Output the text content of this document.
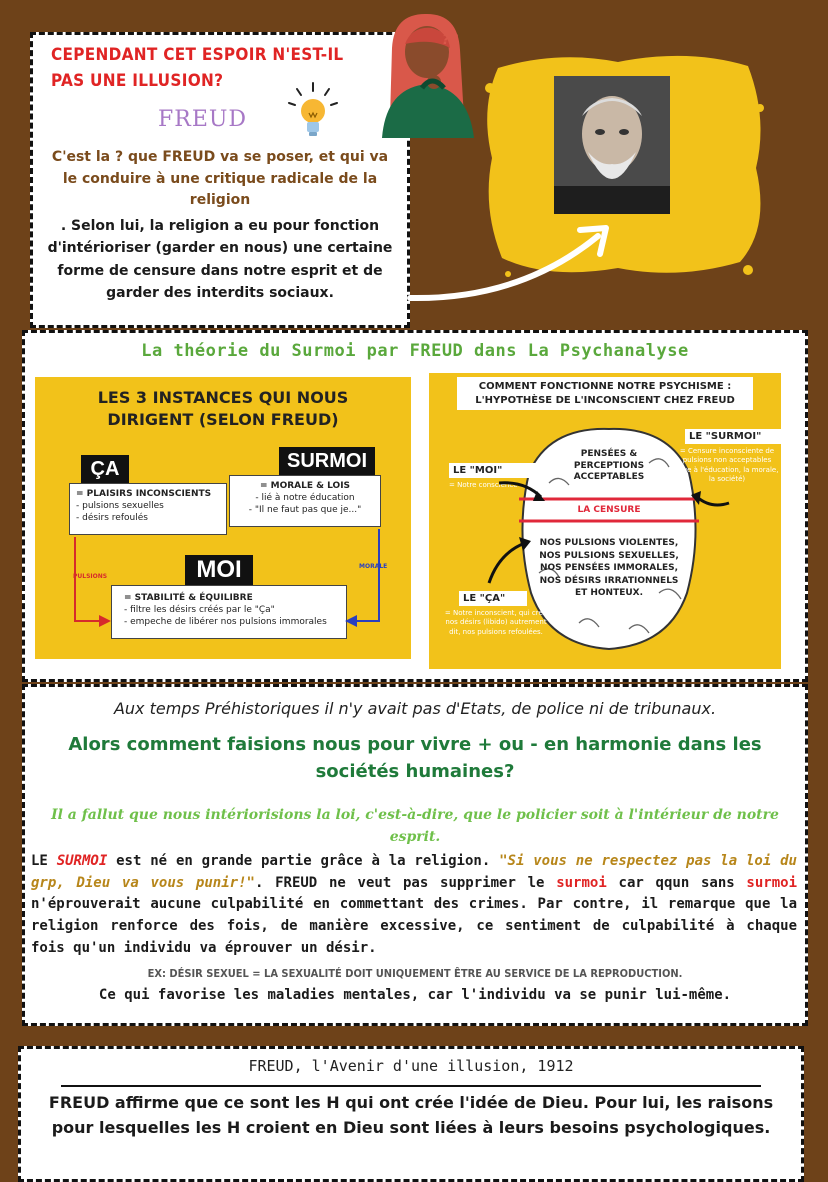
CEPENDANT CET ESPOIR N'EST-IL PAS UNE ILLUSION?
FREUD
C'est la ? que FREUD va se poser, et qui va le conduire à une critique radicale de la religion
. Selon lui, la religion a eu pour fonction d'intérioriser (garder en nous) une certaine forme de censure dans notre esprit et de garder des interdits sociaux.
??
La théorie du Surmoi par FREUD dans La Psychanalyse
LES 3 INSTANCES QUI NOUS DIRIGENT (SELON FREUD)
ÇA
= PLAISIRS INCONSCIENTS
- pulsions sexuelles
- désirs refoulés
SURMOI
= MORALE & LOIS
- lié à notre éducation
- "Il ne faut pas que je..."
MOI
= STABILITÉ & ÉQUILIBRE
- filtre les désirs créés par le "Ça"
- empeche de libérer nos pulsions immorales
PULSIONS
MORALE
COMMENT FONCTIONNE NOTRE PSYCHISME :
L'HYPOTHÈSE DE L'INCONSCIENT CHEZ FREUD
PENSÉES & PERCEPTIONS ACCEPTABLES
LA CENSURE
NOS PULSIONS VIOLENTES, NOS PULSIONS SEXUELLES, NOS PENSÉES IMMORALES, NOS DÉSIRS IRRATIONNELS ET HONTEUX.
LE "MOI"
= Notre conscience
LE "SURMOI"
= Censure inconsciente de pulsions non acceptables (due à l'éducation, la morale, la société)
LE "ÇA"
= Notre inconscient, qui crée nos désirs (libido) autrement dit, nos pulsions refoulées.
Aux temps Préhistoriques il n'y avait pas d'Etats, de police ni de tribunaux.
Alors comment faisions nous pour vivre + ou - en harmonie dans les sociétés humaines?
Il a fallut que nous intériorisions la loi, c'est-à-dire, que le policier soit à l'intérieur de notre esprit.
LE SURMOI est né en grande partie grâce à la religion. "Si vous ne respectez pas la loi du grp, Dieu va vous punir!". FREUD ne veut pas supprimer le surmoi car qqun sans surmoi n'éprouverait aucune culpabilité en commettant des crimes. Par contre, il remarque que la religion renforce des fois, de manière excessive, ce sentiment de culpabilité à chaque fois qu'un individu va éprouver un désir.
EX: DÉSIR SEXUEL = LA SEXUALITÉ DOIT UNIQUEMENT ÊTRE AU SERVICE DE LA REPRODUCTION.
Ce qui favorise les maladies mentales, car l'individu va se punir lui-même.
FREUD, l'Avenir d'une illusion, 1912
FREUD affirme que ce sont les H qui ont crée l'idée de Dieu. Pour lui, les raisons pour lesquelles les H croient en Dieu sont liées à leurs besoins psychologiques.
